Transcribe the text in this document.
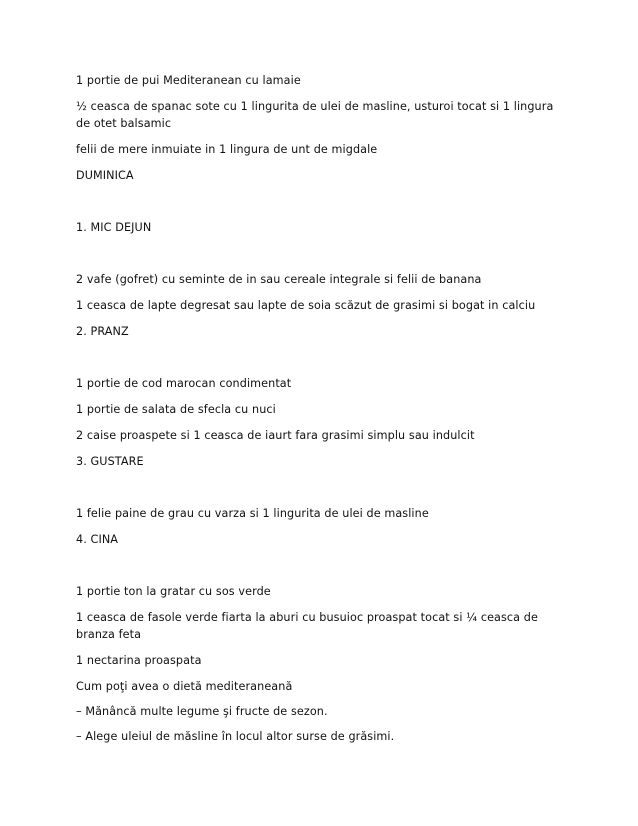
1 portie de pui Mediteranean cu lamaie

½ ceasca de spanac sote cu 1 lingurita de ulei de masline, usturoi tocat si 1 lingura de otet balsamic

felii de mere inmuiate in 1 lingura de unt de migdale

DUMINICA

1. MIC DEJUN

2 vafe (gofret) cu seminte de in sau cereale integrale si felii de banana

1 ceasca de lapte degresat sau lapte de soia scăzut de grasimi si bogat in calciu

2. PRANZ

1 portie de cod marocan condimentat

1 portie de salata de sfecla cu nuci

2 caise proaspete si 1 ceasca de iaurt fara grasimi simplu sau indulcit

3. GUSTARE

1 felie paine de grau cu varza si 1 lingurita de ulei de masline

4. CINA

1 portie ton la gratar cu sos verde

1 ceasca de fasole verde fiarta la aburi cu busuioc proaspat tocat si ¼ ceasca de branza feta

1 nectarina proaspata

Cum poţi avea o dietă mediteraneană

– Mănâncă multe legume şi fructe de sezon.

– Alege uleiul de măsline în locul altor surse de grăsimi.
